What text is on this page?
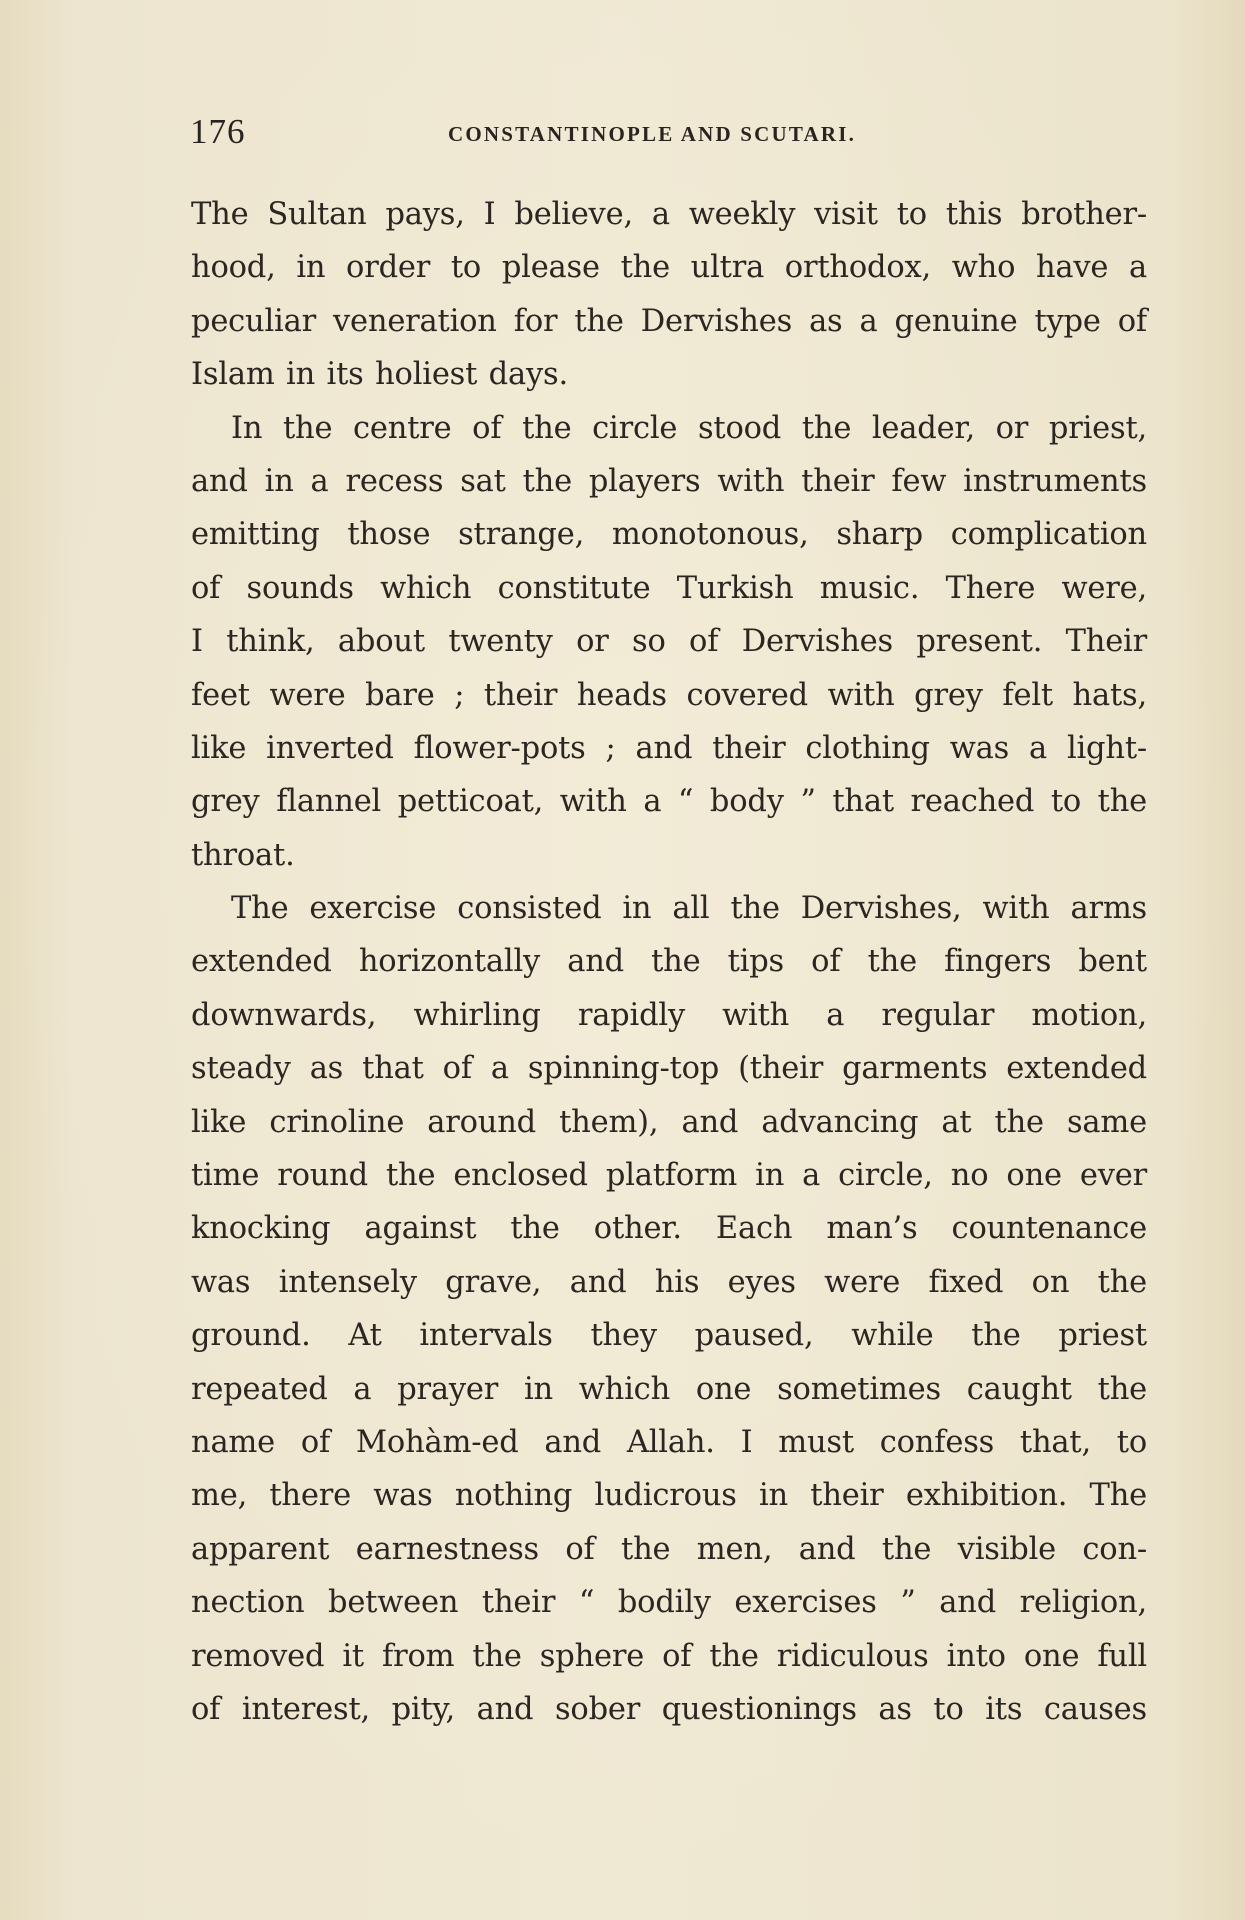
176	CONSTANTINOPLE AND SCUTARI.
The Sultan pays, I believe, a weekly visit to this brother-
hood, in order to please the ultra orthodox, who have a
peculiar veneration for the Dervishes as a genuine type of
Islam in its holiest days.
In the centre of the circle stood the leader, or priest,
and in a recess sat the players with their few instruments
emitting those strange, monotonous, sharp complication
of sounds which constitute Turkish music. There were,
I think, about twenty or so of Dervishes present. Their
feet were bare ; their heads covered with grey felt hats,
like inverted flower-pots ; and their clothing was a light-
grey flannel petticoat, with a “ body ” that reached to the
throat.
The exercise consisted in all the Dervishes, with arms
extended horizontally and the tips of the fingers bent
downwards, whirling rapidly with a regular motion,
steady as that of a spinning-top (their garments extended
like crinoline around them), and advancing at the same
time round the enclosed platform in a circle, no one ever
knocking against the other. Each man’s countenance
was intensely grave, and his eyes were fixed on the
ground. At intervals they paused, while the priest
repeated a prayer in which one sometimes caught the
name of Mohàm-ed and Allah. I must confess that, to
me, there was nothing ludicrous in their exhibition. The
apparent earnestness of the men, and the visible con-
nection between their “ bodily exercises ” and religion,
removed it from the sphere of the ridiculous into one full
of interest, pity, and sober questionings as to its causes
